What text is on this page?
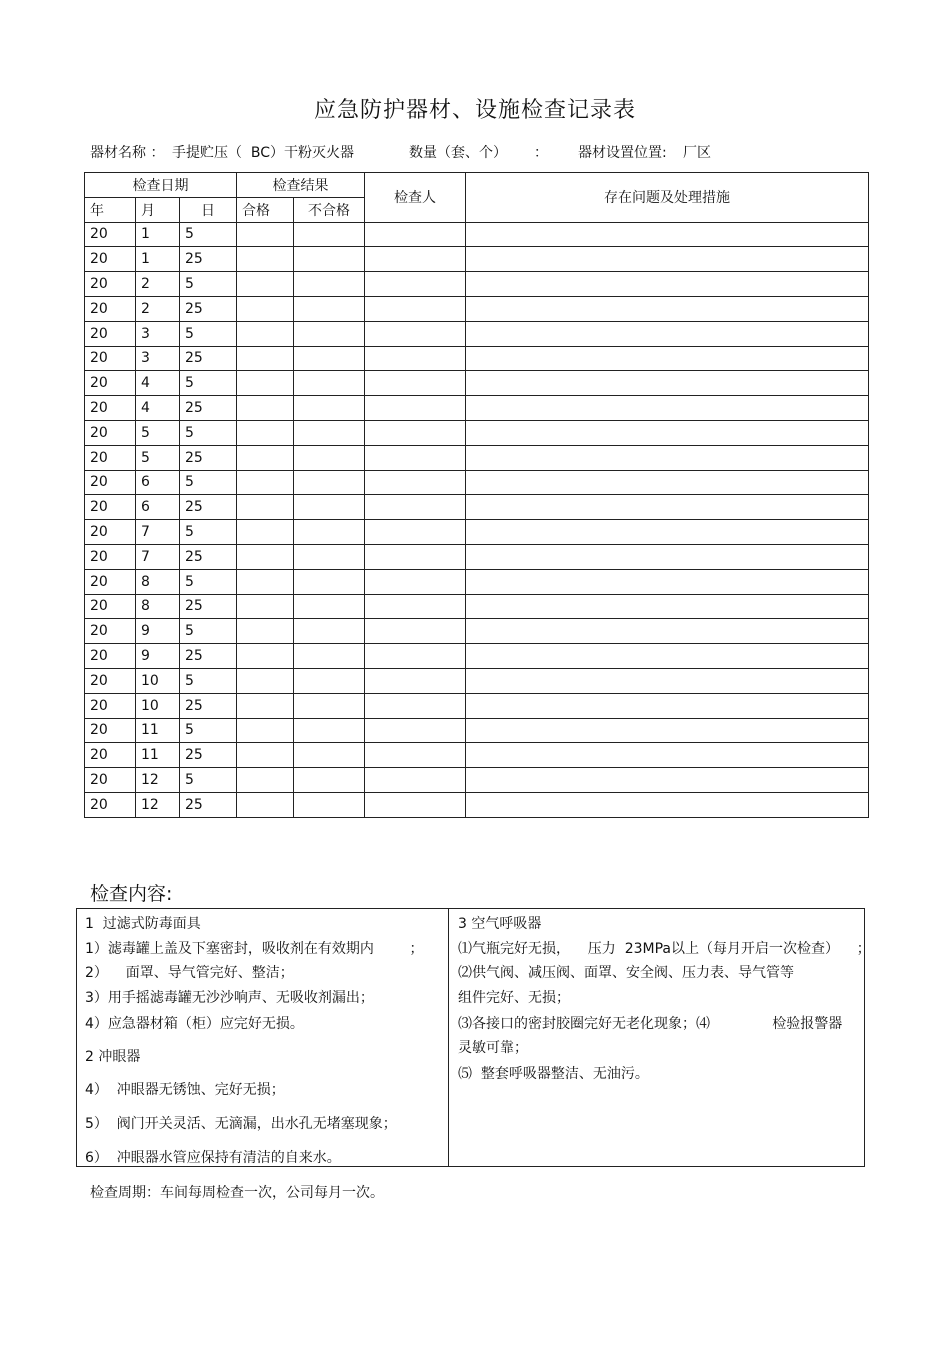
应急防护器材、设施检查记录表
器材名称 ： 手提贮压（  BC）干粉灭火器	数量（套、个） ： 器材设置位置: 厂区
检查日期			检查结果		检查人	存在问题及处理措施
年	月	日	合格	不合格		
20	1	5				
20	1	25				
20	2	5				
20	2	25				
20	3	5				
20	3	25				
20	4	5				
20	4	25				
20	5	5				
20	5	25				
20	6	5				
20	6	25				
20	7	5				
20	7	25				
20	8	5				
20	8	25				
20	9	5				
20	9	25				
20	10	5				
20	10	25				
20	11	5				
20	11	25				
20	12	5				
20	12	25				
检查内容:
1  过滤式防毒面具
1）滤毒罐上盖及下塞密封，吸收剂在有效期内        ；
2）    面罩、导气管完好、整洁；
3）用手摇滤毒罐无沙沙响声、无吸收剂漏出；
4）应急器材箱（柜）应完好无损。
2 冲眼器
4）  冲眼器无锈蚀、完好无损；
5）  阀门开关灵活、无滴漏，出水孔无堵塞现象；
6）  冲眼器水管应保持有清洁的自来水。
3 空气呼吸器
⑴气瓶完好无损，    压力  23MPa以上（每月开启一次检查）    ；
⑵供气阀、减压阀、面罩、安全阀、压力表、导气管等
组件完好、无损；
⑶各接口的密封胶圈完好无老化现象；⑷              检验报警器
灵敏可靠；
⑸  整套呼吸器整洁、无油污。
检查周期：车间每周检查一次，公司每月一次。
